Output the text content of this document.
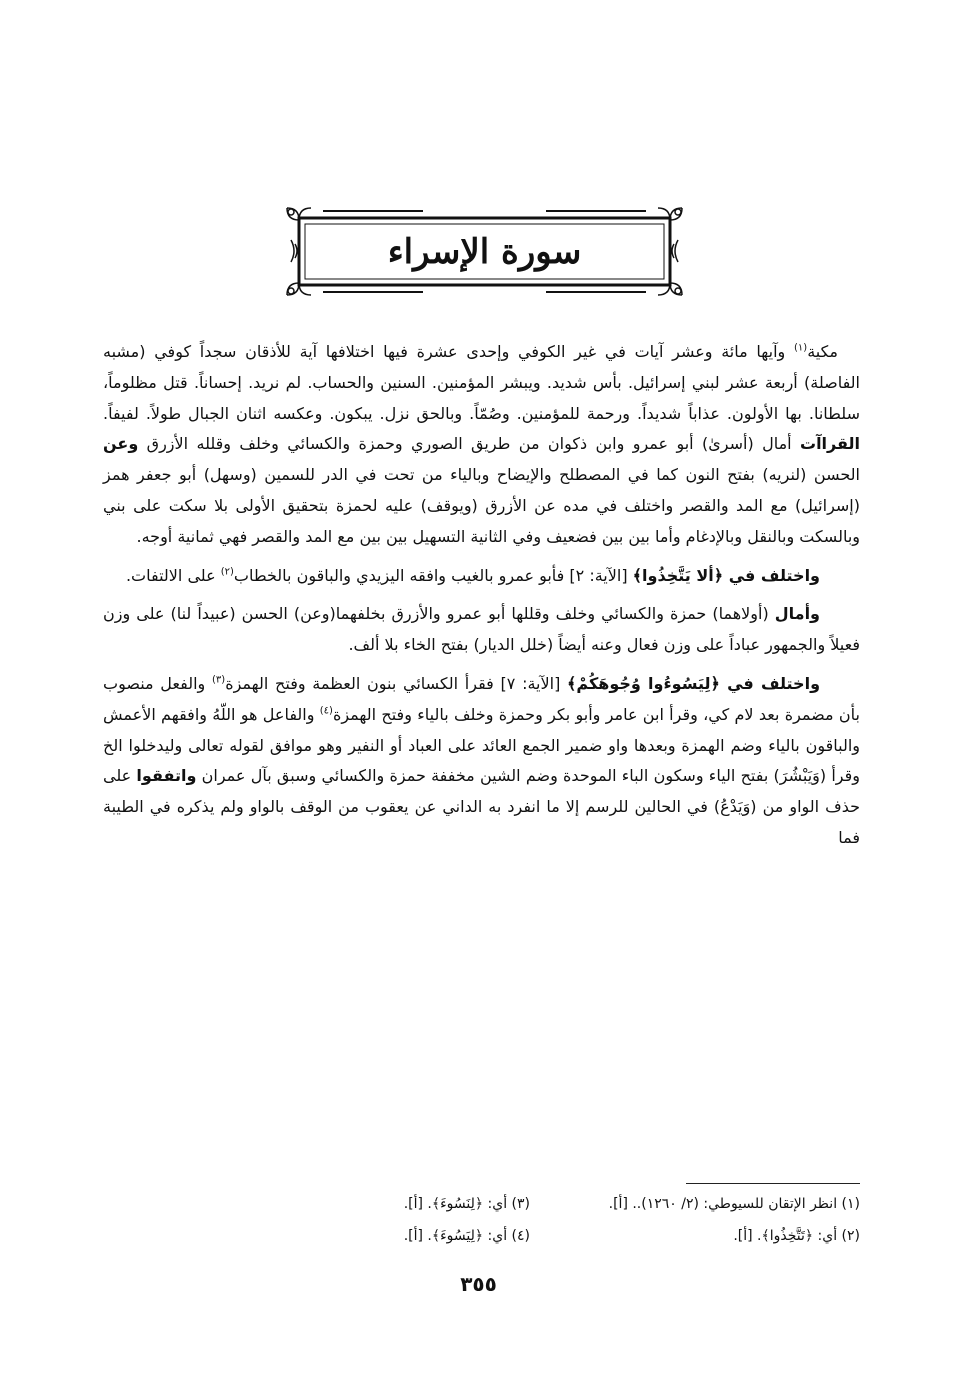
سورة الإسراء

مكية$^{(١)}$ وآيها مائة وعشر آيات في غير الكوفي وإحدى عشرة فيها اختلافها آية للأذقان سجداً كوفي (مشبه الفاصلة) أربعة عشر لبني إسرائيل. بأس شديد. ويبشر المؤمنين. السنين والحساب. لم نريد. إحساناً. قتل مظلوماً، سلطانا. بها الأولون. عذاباً شديداً. ورحمة للمؤمنين. وصُمّاً. وبالحق نزل. يبكون. وعكسه اثنان الجبال طولاً. لفيفاً. القراآت أمال (أسرىٰ) أبو عمرو وابن ذكوان من طريق الصوري وحمزة والكسائي وخلف وقلله الأزرق وعن الحسن (لنريه) بفتح النون كما في المصطلح والإيضاح وبالياء من تحت في الدر للسمين (وسهل) أبو جعفر همز (إسرائيل) مع المد والقصر واختلف في مده عن الأزرق (ويوقف) عليه لحمزة بتحقيق الأولى بلا سكت على بني وبالسكت وبالنقل وبالإدغام وأما بين بين فضعيف وفي الثانية التسهيل بين بين مع المد والقصر فهي ثمانية أوجه.

واختلف في ﴿ألا يَتَّخِذُوا﴾ [الآية: ٢] فأبو عمرو بالغيب وافقه اليزيدي والباقون بالخطاب$^{(٢)}$ على الالتفات.

وأمال (أولاهما) حمزة والكسائي وخلف وقللها أبو عمرو والأزرق بخلفهما(وعن) الحسن (عبيداً لنا) على وزن فعيلاً والجمهور عباداً على وزن فعال وعنه أيضاً (خلل الديار) بفتح الخاء بلا ألف.

واختلف في ﴿لِيَسُوءُوا وُجُوهَكُمْ﴾ [الآية: ٧] فقرأ الكسائي بنون العظمة وفتح الهمزة$^{(٣)}$ والفعل منصوب بأن مضمرة بعد لام كي، وقرأ ابن عامر وأبو بكر وحمزة وخلف بالياء وفتح الهمزة$^{(٤)}$ والفاعل هو اللّهُ وافقهم الأعمش والباقون بالياء وضم الهمزة وبعدها واو ضمير الجمع العائد على العباد أو النفير وهو موافق لقوله تعالى وليدخلوا الخ وقرأ (وَيَبْشُرَ) بفتح الياء وسكون الباء الموحدة وضم الشين مخففة حمزة والكسائي وسبق بآل عمران واتفقوا على حذف الواو من (وَيَدْعُ) في الحالين للرسم إلا ما انفرد به الداني عن يعقوب من الوقف بالواو ولم يذكره في الطيبة فما

(١) انظر الإتقان للسيوطي: (٢/ ١٢٦٠).. [أ].
(٣) أي: ﴿لِنَسُوءَ﴾. [أ].
(٢) أي: ﴿تَتَّخِذُوا﴾. [أ].
(٤) أي: ﴿لِيَسُوءَ﴾. [أ].
٣٥٥
